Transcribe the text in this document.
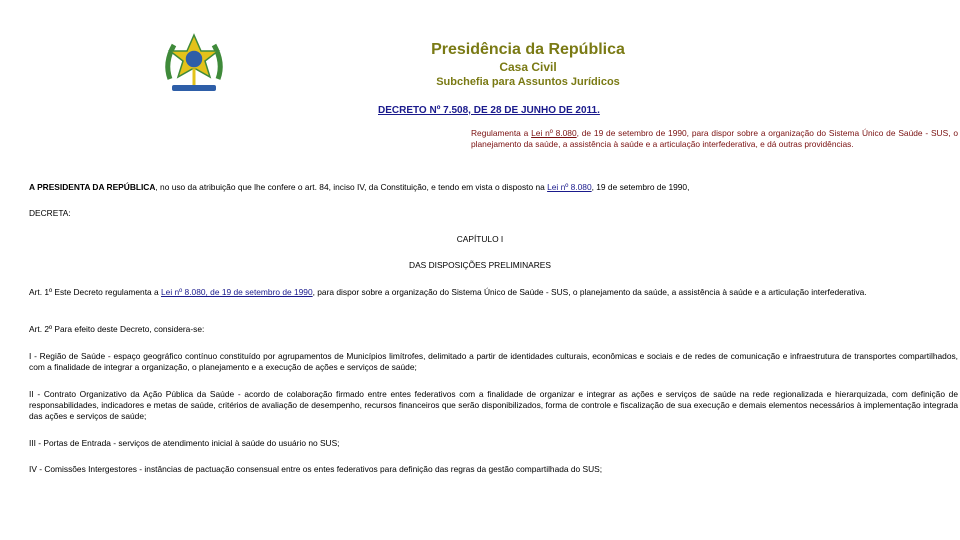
Presidência da República
Casa Civil
Subchefia para Assuntos Jurídicos
DECRETO Nº 7.508, DE 28 DE JUNHO DE 2011.
Regulamenta a Lei nº 8.080, de 19 de setembro de 1990, para dispor sobre a organização do Sistema Único de Saúde - SUS, o planejamento da saúde, a assistência à saúde e a articulação interfederativa, e dá outras providências.
A PRESIDENTA DA REPÚBLICA, no uso da atribuição que lhe confere o art. 84, inciso IV, da Constituição, e tendo em vista o disposto na Lei nº 8.080, 19 de setembro de 1990,
DECRETA:
CAPÍTULO I
DAS DISPOSIÇÕES PRELIMINARES
Art. 1º Este Decreto regulamenta a Lei nº 8.080, de 19 de setembro de 1990, para dispor sobre a organização do Sistema Único de Saúde - SUS, o planejamento da saúde, a assistência à saúde e a articulação interfederativa.
Art. 2º Para efeito deste Decreto, considera-se:
I - Região de Saúde - espaço geográfico contínuo constituído por agrupamentos de Municípios limítrofes, delimitado a partir de identidades culturais, econômicas e sociais e de redes de comunicação e infraestrutura de transportes compartilhados, com a finalidade de integrar a organização, o planejamento e a execução de ações e serviços de saúde;
II - Contrato Organizativo da Ação Pública da Saúde - acordo de colaboração firmado entre entes federativos com a finalidade de organizar e integrar as ações e serviços de saúde na rede regionalizada e hierarquizada, com definição de responsabilidades, indicadores e metas de saúde, critérios de avaliação de desempenho, recursos financeiros que serão disponibilizados, forma de controle e fiscalização de sua execução e demais elementos necessários à implementação integrada das ações e serviços de saúde;
III - Portas de Entrada - serviços de atendimento inicial à saúde do usuário no SUS;
IV - Comissões Intergestores - instâncias de pactuação consensual entre os entes federativos para definição das regras da gestão compartilhada do SUS;
